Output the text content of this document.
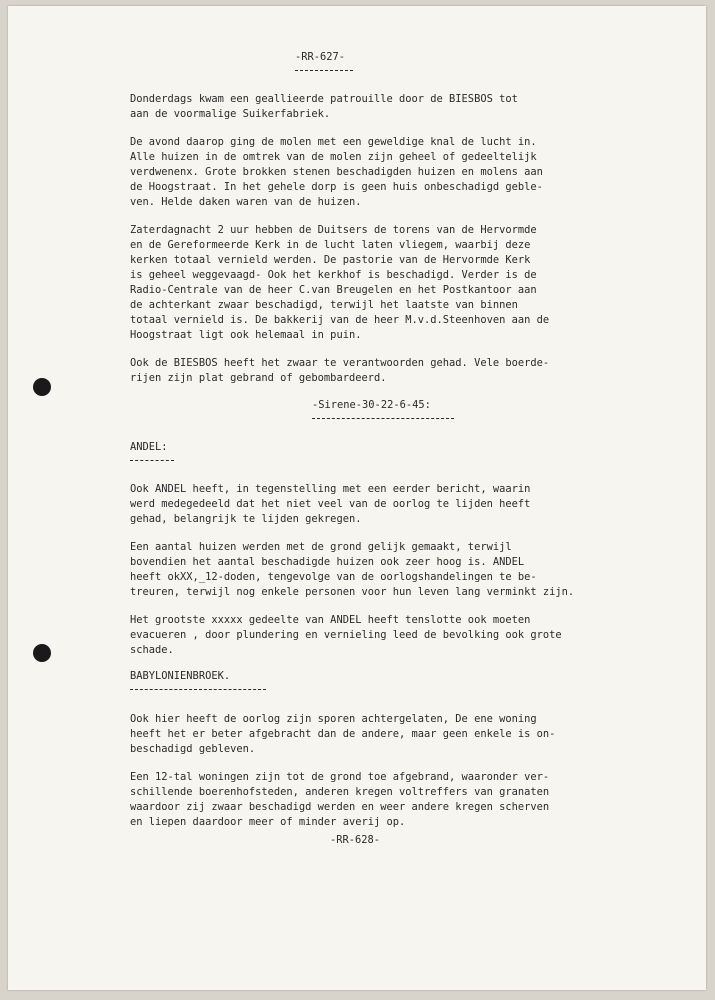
-RR-627-
Donderdags kwam een geallieerde patrouille door de BIESBOS tot
aan de voormalige Suikerfabriek.
De avond daarop ging de molen met een geweldige knal de lucht in.
Alle huizen in de omtrek van de molen zijn geheel of gedeeltelijk
verdwenenx. Grote brokken stenen beschadigden huizen en molens aan
de Hoogstraat. In het gehele dorp is geen huis onbeschadigd geble-
ven. Helde daken waren van de huizen.
Zaterdagnacht 2 uur hebben de Duitsers de torens van de Hervormde
en de Gereformeerde Kerk in de lucht laten vliegem, waarbij deze
kerken totaal vernield werden. De pastorie van de Hervormde Kerk
is geheel weggevaagd- Ook het kerkhof is beschadigd. Verder is de
Radio-Centrale van de heer C.van Breugelen en het Postkantoor aan
de achterkant zwaar beschadigd, terwijl het laatste van binnen
totaal vernield is. De bakkerij van de heer M.v.d.Steenhoven aan de
Hoogstraat ligt ook helemaal in puin.
Ook de BIESBOS heeft het zwaar te verantwoorden gehad. Vele boerde-
rijen zijn plat gebrand of gebombardeerd.
-Sirene-30-22-6-45:
ANDEL:
Ook ANDEL heeft, in tegenstelling met een eerder bericht, waarin
werd medegedeeld dat het niet veel van de oorlog te lijden heeft
gehad, belangrijk te lijden gekregen.
Een aantal huizen werden met de grond gelijk gemaakt, terwijl
bovendien het aantal beschadigde huizen ook zeer hoog is. ANDEL
heeft okXX,_12-doden, tengevolge van de oorlogshandelingen te be-
treuren, terwijl nog enkele personen voor hun leven lang verminkt zijn.
Het grootste xxxxx gedeelte van ANDEL heeft tenslotte ook moeten
evacueren , door plundering en vernieling leed de bevolking ook grote
schade.
BABYLONIENBROEK.
Ook hier heeft de oorlog zijn sporen achtergelaten, De ene woning
heeft het er beter afgebracht dan de andere, maar geen enkele is on-
beschadigd gebleven.
Een 12-tal woningen zijn tot de grond toe afgebrand, waaronder ver-
schillende boerenhofsteden, anderen kregen voltreffers van granaten
waardoor zij zwaar beschadigd werden en weer andere kregen scherven
en liepen daardoor meer of minder averij op.
-RR-628-
